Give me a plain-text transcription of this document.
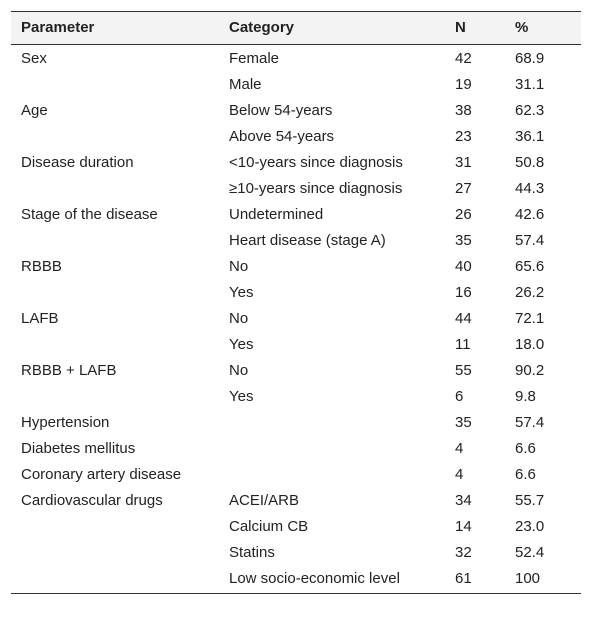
Parameter	Category	N	%
Sex	Female	42	68.9
	Male	19	31.1
Age	Below 54-years	38	62.3
	Above 54-years	23	36.1
Disease duration	<10-years since diagnosis	31	50.8
	≥10-years since diagnosis	27	44.3
Stage of the disease	Undetermined	26	42.6
	Heart disease (stage A)	35	57.4
RBBB	No	40	65.6
	Yes	16	26.2
LAFB	No	44	72.1
	Yes	11	18.0
RBBB + LAFB	No	55	90.2
	Yes	6	9.8
Hypertension		35	57.4
Diabetes mellitus		4	6.6
Coronary artery disease		4	6.6
Cardiovascular drugs	ACEI/ARB	34	55.7
	Calcium CB	14	23.0
	Statins	32	52.4
	Low socio-economic level	61	100
